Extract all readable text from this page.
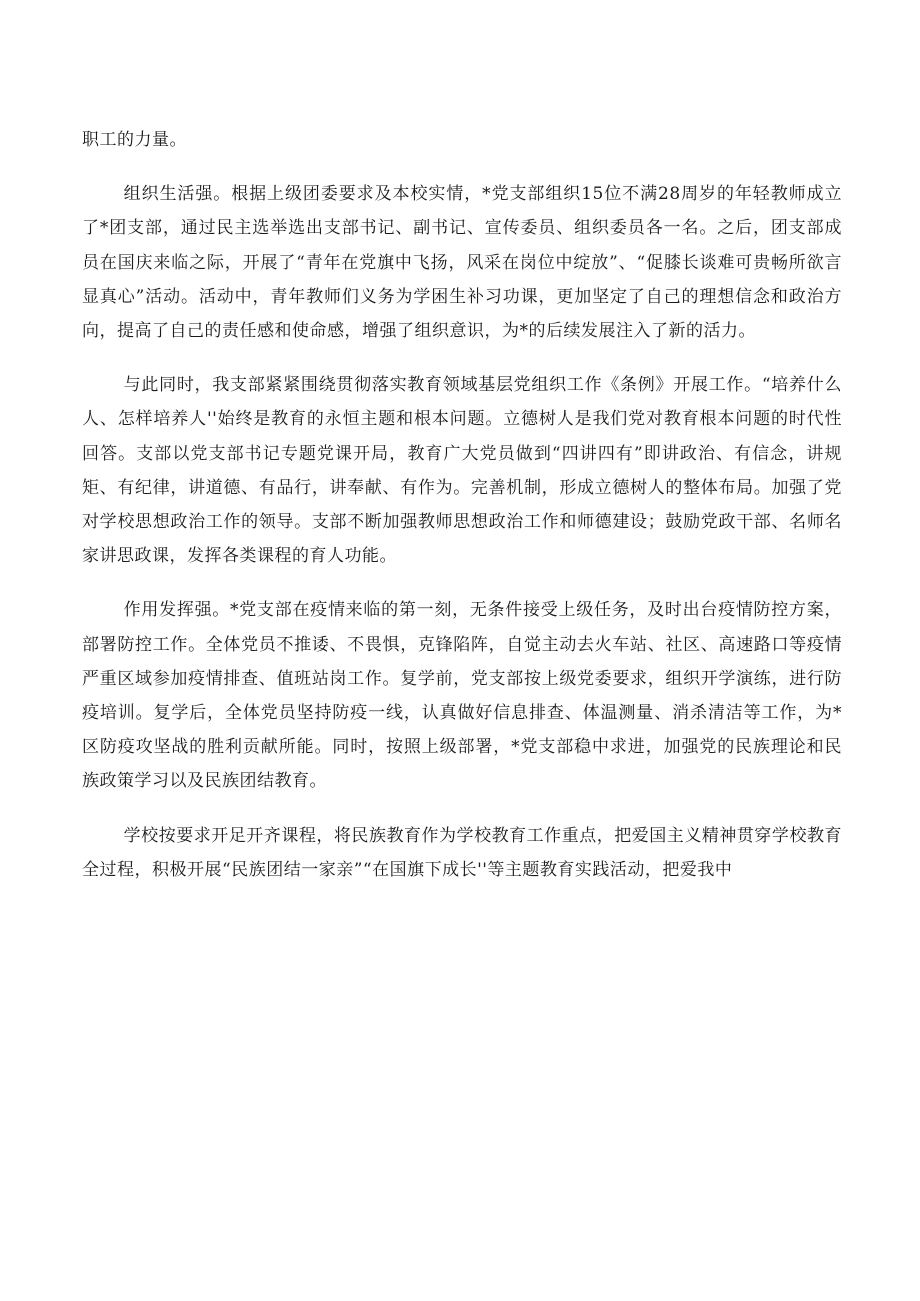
职工的力量。

组织生活强。根据上级团委要求及本校实情，*党支部组织15位不满28周岁的年轻教师成立了*团支部，通过民主选举选出支部书记、副书记、宣传委员、组织委员各一名。之后，团支部成员在国庆来临之际，开展了“青年在党旗中飞扬，风采在岗位中绽放”、“促膝长谈难可贵畅所欲言显真心”活动。活动中，青年教师们义务为学困生补习功课，更加坚定了自己的理想信念和政治方向，提高了自己的责任感和使命感，增强了组织意识，为*的后续发展注入了新的活力。

与此同时，我支部紧紧围绕贯彻落实教育领域基层党组织工作《条例》开展工作。“培养什么人、怎样培养人''始终是教育的永恒主题和根本问题。立德树人是我们党对教育根本问题的时代性回答。支部以党支部书记专题党课开局，教育广大党员做到“四讲四有”即讲政治、有信念，讲规矩、有纪律，讲道德、有品行，讲奉献、有作为。完善机制，形成立德树人的整体布局。加强了党对学校思想政治工作的领导。支部不断加强教师思想政治工作和师德建设；鼓励党政干部、名师名家讲思政课，发挥各类课程的育人功能。

作用发挥强。*党支部在疫情来临的第一刻，无条件接受上级任务，及时出台疫情防控方案，部署防控工作。全体党员不推诿、不畏惧，克锋陷阵，自觉主动去火车站、社区、高速路口等疫情严重区域参加疫情排查、值班站岗工作。复学前，党支部按上级党委要求，组织开学演练，进行防疫培训。复学后，全体党员坚持防疫一线，认真做好信息排查、体温测量、消杀清洁等工作，为*区防疫攻坚战的胜利贡献所能。同时，按照上级部署，*党支部稳中求进，加强党的民族理论和民族政策学习以及民族团结教育。

学校按要求开足开齐课程，将民族教育作为学校教育工作重点，把爱国主义精神贯穿学校教育全过程，积极开展“民族团结一家亲”“在国旗下成长''等主题教育实践活动，把爱我中
